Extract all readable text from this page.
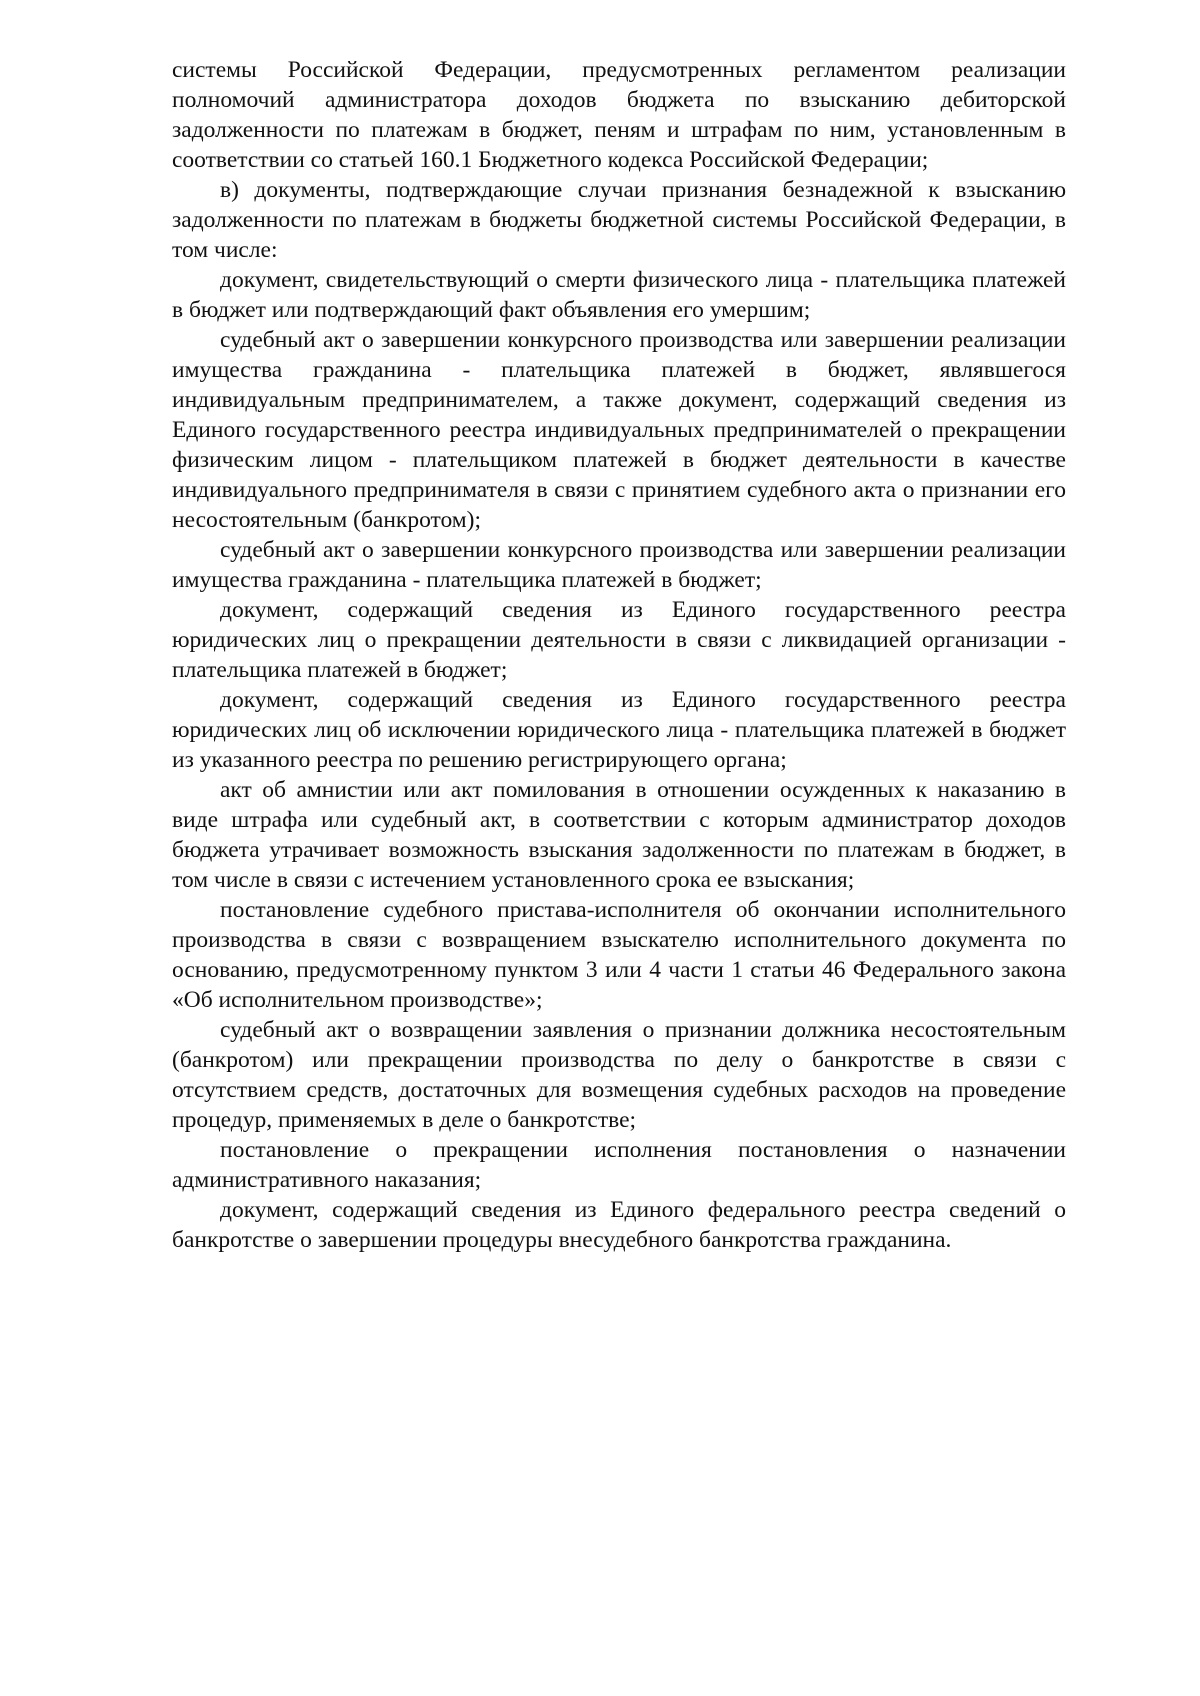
системы Российской Федерации, предусмотренных регламентом реализации полномочий администратора доходов бюджета по взысканию дебиторской задолженности по платежам в бюджет, пеням и штрафам по ним, установленным в соответствии со статьей 160.1 Бюджетного кодекса Российской Федерации;

в) документы, подтверждающие случаи признания безнадежной к взысканию задолженности по платежам в бюджеты бюджетной системы Российской Федерации, в том числе:

документ, свидетельствующий о смерти физического лица - плательщика платежей в бюджет или подтверждающий факт объявления его умершим;

судебный акт о завершении конкурсного производства или завершении реализации имущества гражданина - плательщика платежей в бюджет, являвшегося индивидуальным предпринимателем, а также документ, содержащий сведения из Единого государственного реестра индивидуальных предпринимателей о прекращении физическим лицом - плательщиком платежей в бюджет деятельности в качестве индивидуального предпринимателя в связи с принятием судебного акта о признании его несостоятельным (банкротом);

судебный акт о завершении конкурсного производства или завершении реализации имущества гражданина - плательщика платежей в бюджет;

документ, содержащий сведения из Единого государственного реестра юридических лиц о прекращении деятельности в связи с ликвидацией организации - плательщика платежей в бюджет;

документ, содержащий сведения из Единого государственного реестра юридических лиц об исключении юридического лица - плательщика платежей в бюджет из указанного реестра по решению регистрирующего органа;

акт об амнистии или акт помилования в отношении осужденных к наказанию в виде штрафа или судебный акт, в соответствии с которым администратор доходов бюджета утрачивает возможность взыскания задолженности по платежам в бюджет, в том числе в связи с истечением установленного срока ее взыскания;

постановление судебного пристава-исполнителя об окончании исполнительного производства в связи с возвращением взыскателю исполнительного документа по основанию, предусмотренному пунктом 3 или 4 части 1 статьи 46 Федерального закона «Об исполнительном производстве»;

судебный акт о возвращении заявления о признании должника несостоятельным (банкротом) или прекращении производства по делу о банкротстве в связи с отсутствием средств, достаточных для возмещения судебных расходов на проведение процедур, применяемых в деле о банкротстве;

постановление о прекращении исполнения постановления о назначении административного наказания;

документ, содержащий сведения из Единого федерального реестра сведений о банкротстве о завершении процедуры внесудебного банкротства гражданина.
